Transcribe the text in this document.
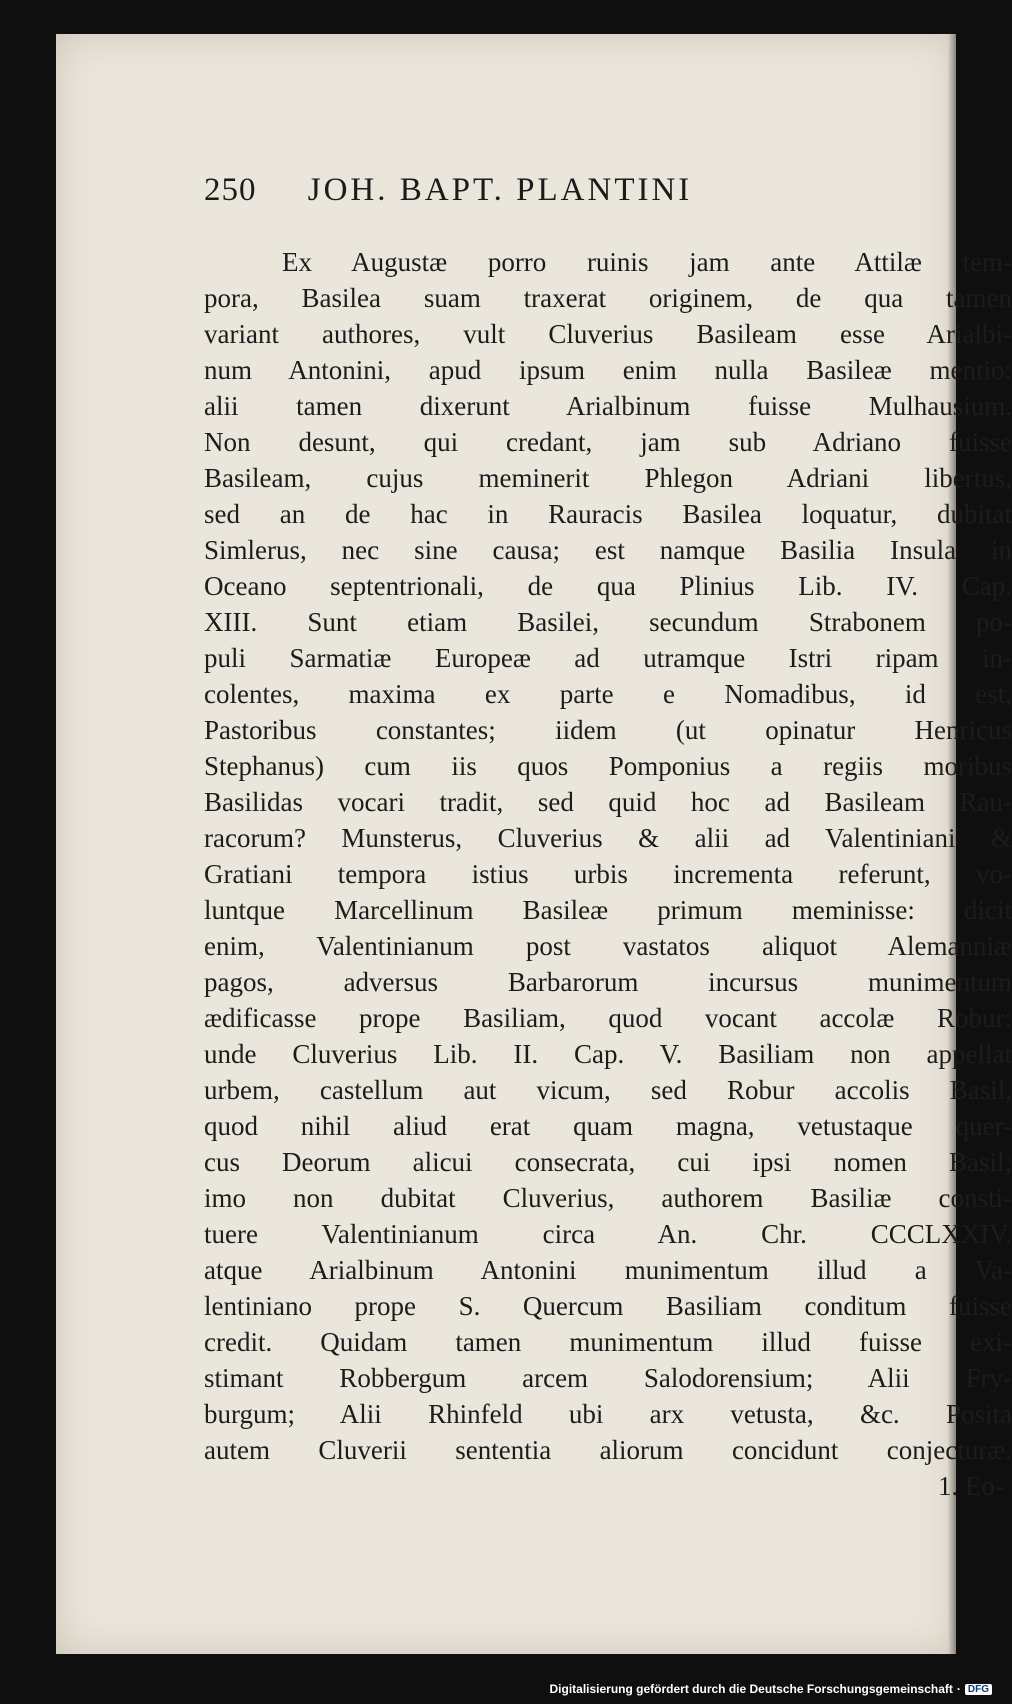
250 JOH. BAPT. PLANTINI
Ex Augustæ porro ruinis jam ante Attilæ tem-
pora, Basilea suam traxerat originem, de qua tamen
variant authores, vult Cluverius Basileam esse Arialbi-
num Antonini, apud ipsum enim nulla Basileæ mentio:
alii tamen dixerunt Arialbinum fuisse Mulhausium.
Non desunt, qui credant, jam sub Adriano fuisse
Basileam, cujus meminerit Phlegon Adriani libertus,
sed an de hac in Rauracis Basilea loquatur, dubitat
Simlerus, nec sine causa; est namque Basilia Insula in
Oceano septentrionali, de qua Plinius Lib. IV. Cap.
XIII. Sunt etiam Basilei, secundum Strabonem po-
puli Sarmatiæ Europeæ ad utramque Istri ripam in-
colentes, maxima ex parte e Nomadibus, id est,
Pastoribus constantes; iidem (ut opinatur Henricus
Stephanus) cum iis quos Pomponius a regiis moribus
Basilidas vocari tradit, sed quid hoc ad Basileam Rau-
racorum? Munsterus, Cluverius & alii ad Valentiniani &
Gratiani tempora istius urbis incrementa referunt, vo-
luntque Marcellinum Basileæ primum meminisse: dicit
enim, Valentinianum post vastatos aliquot Alemanniæ
pagos, adversus Barbarorum incursus munimentum
ædificasse prope Basiliam, quod vocant accolæ Robur:
unde Cluverius Lib. II. Cap. V. Basiliam non appellat
urbem, castellum aut vicum, sed Robur accolis Basil,
quod nihil aliud erat quam magna, vetustaque quer-
cus Deorum alicui consecrata, cui ipsi nomen Basil;
imo non dubitat Cluverius, authorem Basiliæ consti-
tuere Valentinianum circa An. Chr. CCCLXXIV.
atque Arialbinum Antonini munimentum illud a Va-
lentiniano prope S. Quercum Basiliam conditum fuisse
credit. Quidam tamen munimentum illud fuisse exi-
stimant Robbergum arcem Salodorensium; Alii Fry-
burgum; Alii Rhinfeld ubi arx vetusta, &c. Posita
autem Cluverii sententia aliorum concidunt conjecturæ.
1. Eo-
Digitalisierung gefördert durch die Deutsche Forschungsgemeinschaft · DFG
